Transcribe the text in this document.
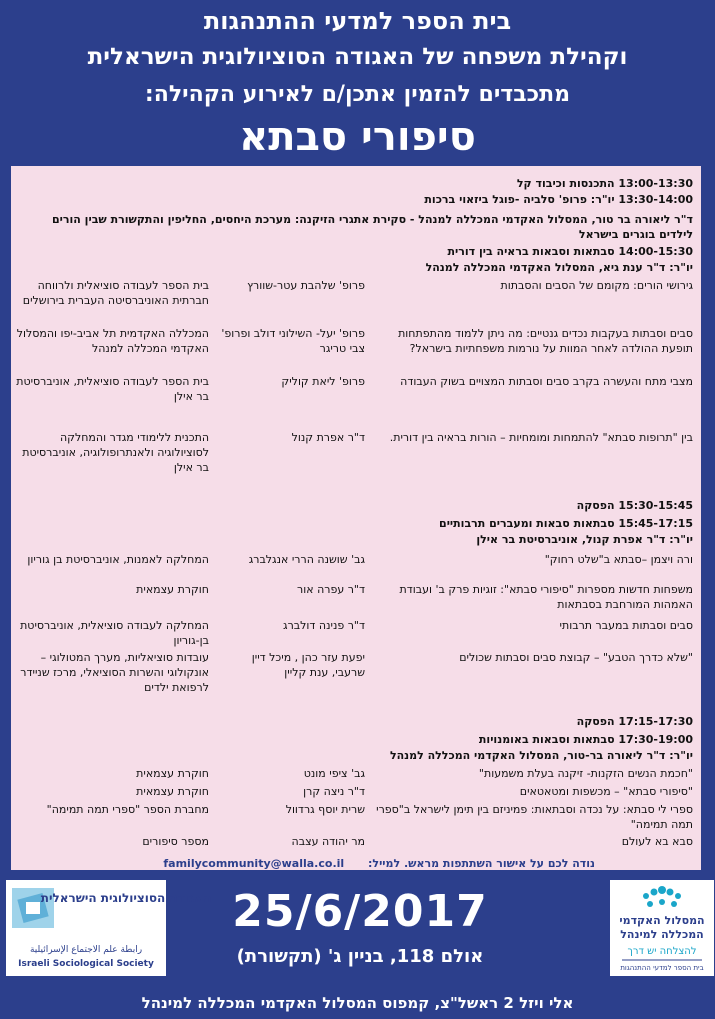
בית הספר למדעי ההתנהגות
וקהילת משפחה של האגודה הסוציולוגית הישראלית
מתכבדים להזמין אתכן/ם לאירוע הקהילה:
סיפורי סבתא
13:00-13:30 התכנסות וכיבוד קל
13:30-14:00 יו"ר: פרופ' סלביה -פוגל ביזאוי ברכות
ד"ר ליאורה בר טור, המסלול האקדמי המכללה למנהל - סקירת אתגרי הזיקנה: מערכת היחסים, החליפין והתקשורת שבין הורים לילדים בוגרים בישראל
14:00-15:30 סבתאות וסבאות בראיה בין דורית
יו"ר: ד"ר ענת גיא, המסלול האקדמי המכללה למנהל
גירושי הורים: מקומם של הסבים והסבתות
פרופ' שלהבת עטר-שוורץ
בית הספר לעבודה סוציאלית ולרווחה חברתית האוניברסיטה העברית בירושלים
סבים וסבתות בעקבות נכדים גנטיים: מה ניתן ללמוד מהתפתחות תופעת ההולדה לאחר המוות על נורמות משפחתיות בישראל?
פרופ' יעל- השילוני דולב ופרופ' צבי טריגר
המכללה האקדמית תל אביב-יפו והמסלול האקדמי המכללה למנהל
מצבי מתח והעשרה בקרב סבים וסבתות המצויים בשוק העבודה
פרופ' ליאת קוליק
בית הספר לעבודה סוציאלית, אוניברסיטת בר אילן
בין "תרופות סבתא" להתמחות ומומחיות – הורות בראיה בין דורית.
ד"ר אפרת קנול
התכנית ללימודי מגדר והמחלקה לסוציולוגיה ולאנתרופולוגיה, אוניברסיטת בר אילן
15:30-15:45 הפסקה
15:45-17:15 סבתאות סבאות ומעברים תרבותיים
יו"ר: ד"ר אפרת קנול, אוניברסיטת בר אילן
ורה ויצמן –סבתא ב"שלט רחוק"
גב' שושנה הררי אנגלברג
המחלקה לאמנות, אוניברסיטת בן גוריון
משפחות חדשות מספרות "סיפורי סבתא": זוגיות פרק ב' ועבודת האמהות המורחבת בסבתאות
ד"ר עפרה אור
חוקרת עצמאית
סבים וסבתות במעבר תרבותי
ד"ר פנינה דולברג
המחלקה לעבודה סוציאלית, אוניברסיטת בן-גוריון
"שלא כדרך הטבע" – קבוצת סבים וסבתות שכולים
יפעת עזר כהן , מיכל דיין שרעבי, ענת קליין
עובדות סוציאליות, מערך המטולוגי – אונקולוגי והשרות הסוציאלי, מרכז שניידר לרפואת ילדים
17:15-17:30 הפסקה
17:30-19:00 סבתאות וסבאות באומנויות
יו"ר: ד"ר ליאורה בר-טור, המסלול האקדמי המכללה למנהל
"חכמת הנשים הזקנות- זיקנה בעלת משמעות"
גב' ציפי מונט
חוקרת עצמאית
"סיפורי סבתא" – מכשפות ומטאטאים
ד"ר ניצה קרן
חוקרת עצמאית
ספרי לי סבתא: על נכדה וסבתאות: פמיניזם בין תימן לישראל ב"ספרי תמה תמימה"
שרית יוסף גרדוול
מחברת הספר "ספרי תמה תמימה"
סבא בא לעולם
מר יהודה עצבה
מספר סיפורים
נודה לכם על אישור השתתפות מראש. למייל: familycommunity@walla.co.il
האגודה הסוציולוגית הישראלית
رابطة علم الاجتماع الإسرائيلية
Israeli Sociological Society
25/6/2017
אולם 118, בניין ג' (תקשורת)
המסלול האקדמי
המכללה למינהל
להצלחה יש דרך
בית הספר למדעי ההתנהגות
אלי ויזל 2 ראשל"צ, קמפוס המסלול האקדמי המכללה למינהל
